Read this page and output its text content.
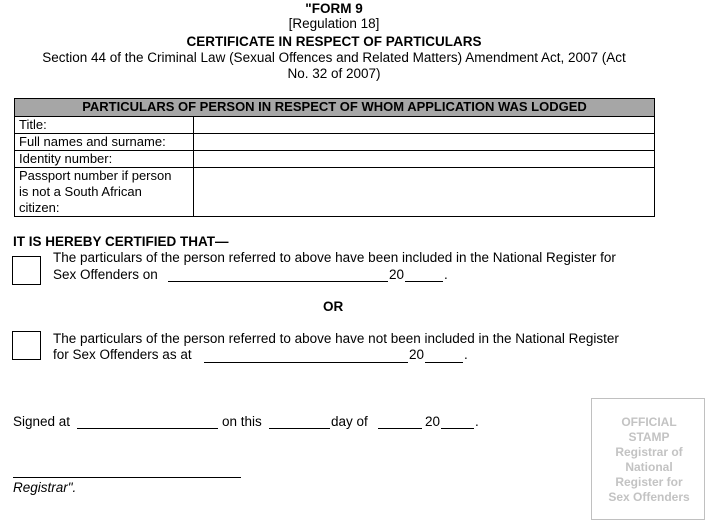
"FORM 9
[Regulation 18]
CERTIFICATE IN RESPECT OF PARTICULARS
Section 44 of the Criminal Law (Sexual Offences and Related Matters) Amendment Act, 2007 (Act
No. 32 of 2007)
PARTICULARS OF PERSON IN RESPECT OF WHOM APPLICATION WAS LODGED	
Title:	
Full names and surname:	
Identity number:	

Passport number if person
is not a South African
citizen:	

IT IS HEREBY CERTIFIED THAT—
The particulars of the person referred to above have been included in the National Register for
Sex Offenders on	20	.
OR
The particulars of the person referred to above have not been included in the National Register
for Sex Offenders as at	20	.
Signed at	on this	day of	20	.
Registrar".
OFFICIAL
STAMP
Registrar of
National
Register for
Sex Offenders
